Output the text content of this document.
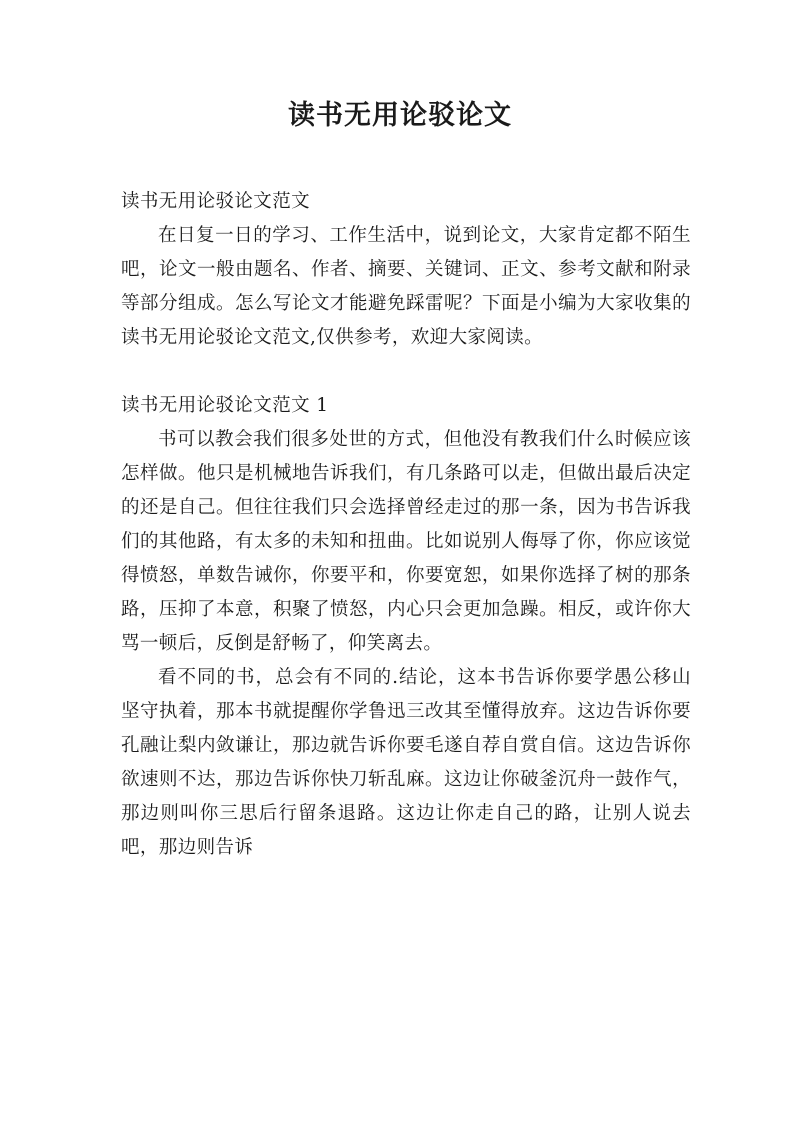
读书无用论驳论文

读书无用论驳论文范文

在日复一日的学习、工作生活中，说到论文，大家肯定都不陌生吧，论文一般由题名、作者、摘要、关键词、正文、参考文献和附录等部分组成。怎么写论文才能避免踩雷呢？下面是小编为大家收集的读书无用论驳论文范文,仅供参考，欢迎大家阅读。

读书无用论驳论文范文 1

书可以教会我们很多处世的方式，但他没有教我们什么时候应该怎样做。他只是机械地告诉我们，有几条路可以走，但做出最后决定的还是自己。但往往我们只会选择曾经走过的那一条，因为书告诉我们的其他路，有太多的未知和扭曲。比如说别人侮辱了你，你应该觉得愤怒，单数告诫你，你要平和，你要宽恕，如果你选择了树的那条路，压抑了本意，积聚了愤怒，内心只会更加急躁。相反，或许你大骂一顿后，反倒是舒畅了，仰笑离去。

看不同的书，总会有不同的.结论，这本书告诉你要学愚公移山坚守执着，那本书就提醒你学鲁迅三改其至懂得放弃。这边告诉你要孔融让梨内敛谦让，那边就告诉你要毛遂自荐自赏自信。这边告诉你欲速则不达，那边告诉你快刀斩乱麻。这边让你破釜沉舟一鼓作气，那边则叫你三思后行留条退路。这边让你走自己的路，让别人说去吧，那边则告诉
